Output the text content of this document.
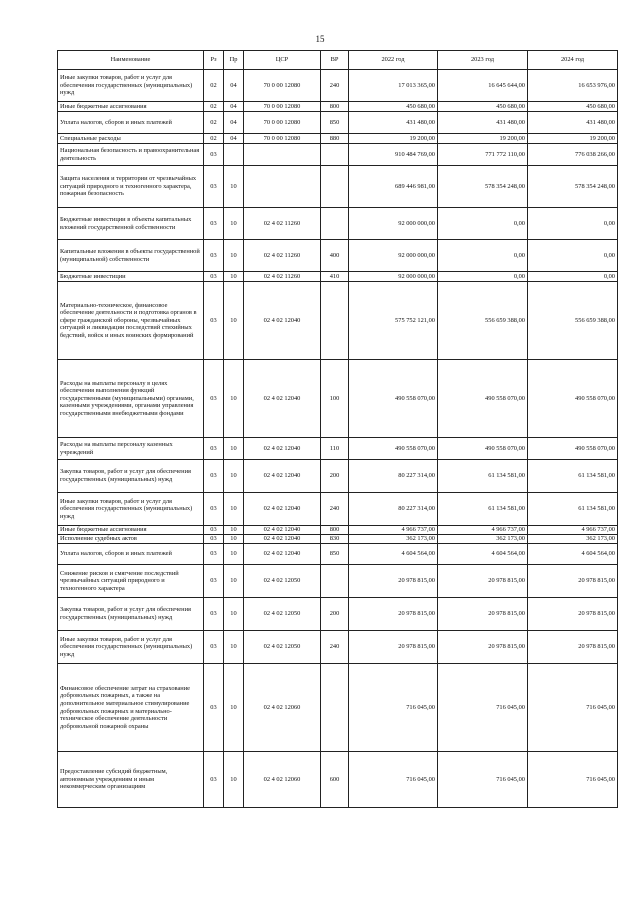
15
Наименование	Рз	Пр	ЦСР	ВР	2022 год	2023 год	2024 год
Иные закупки товаров, работ и услуг для обеспечения государственных (муниципальных) нужд	02	04	70 0 00 12080	240	17 013 365,00	16 645 644,00	16 653 976,00
Иные бюджетные ассигнования	02	04	70 0 00 12080	800	450 680,00	450 680,00	450 680,00
Уплата налогов, сборов и иных платежей	02	04	70 0 00 12080	850	431 480,00	431 480,00	431 480,00
Специальные расходы	02	04	70 0 00 12080	880	19 200,00	19 200,00	19 200,00
Национальная безопасность и правоохранительная деятельность	03				910 484 769,00	771 772 110,00	776 038 266,00
Защита населения и территории от чрезвычайных ситуаций природного и техногенного характера, пожарная безопасность	03	10			689 446 981,00	578 354 248,00	578 354 248,00
Бюджетные инвестиции в объекты капитальных вложений государственной собственности	03	10	02 4 02 11260		92 000 000,00	0,00	0,00
Капитальные вложения в объекты государственной (муниципальной) собственности	03	10	02 4 02 11260	400	92 000 000,00	0,00	0,00
Бюджетные инвестиции	03	10	02 4 02 11260	410	92 000 000,00	0,00	0,00
Материально-техническое, финансовое обеспечение деятельности и подготовка органов в сфере гражданской обороны, чрезвычайных ситуаций и ликвидации последствий стихийных бедствий, войск и иных воинских формирований	03	10	02 4 02 12040		575 752 121,00	556 659 388,00	556 659 388,00
Расходы на выплаты персоналу в целях обеспечения выполнения функций государственными (муниципальными) органами, казенными учреждениями, органами управления государственными внебюджетными фондами	03	10	02 4 02 12040	100	490 558 070,00	490 558 070,00	490 558 070,00
Расходы на выплаты персоналу казенных учреждений	03	10	02 4 02 12040	110	490 558 070,00	490 558 070,00	490 558 070,00
Закупка товаров, работ и услуг для обеспечения государственных (муниципальных) нужд	03	10	02 4 02 12040	200	80 227 314,00	61 134 581,00	61 134 581,00
Иные закупки товаров, работ и услуг для обеспечения государственных (муниципальных) нужд	03	10	02 4 02 12040	240	80 227 314,00	61 134 581,00	61 134 581,00
Иные бюджетные ассигнования	03	10	02 4 02 12040	800	4 966 737,00	4 966 737,00	4 966 737,00
Исполнение судебных актов	03	10	02 4 02 12040	830	362 173,00	362 173,00	362 173,00
Уплата налогов, сборов и иных платежей	03	10	02 4 02 12040	850	4 604 564,00	4 604 564,00	4 604 564,00
Снижение рисков и смягчение последствий чрезвычайных ситуаций природного и техногенного характера	03	10	02 4 02 12050		20 978 815,00	20 978 815,00	20 978 815,00
Закупка товаров, работ и услуг для обеспечения государственных (муниципальных) нужд	03	10	02 4 02 12050	200	20 978 815,00	20 978 815,00	20 978 815,00
Иные закупки товаров, работ и услуг для обеспечения государственных (муниципальных) нужд	03	10	02 4 02 12050	240	20 978 815,00	20 978 815,00	20 978 815,00
Финансовое обеспечение затрат на страхование добровольных пожарных, а также на дополнительное материальное стимулирование добровольных пожарных и материально-техническое обеспечение деятельности добровольной пожарной охраны	03	10	02 4 02 12060		716 045,00	716 045,00	716 045,00
Предоставление субсидий бюджетным, автономным учреждениям и иным некоммерческим организациям	03	10	02 4 02 12060	600	716 045,00	716 045,00	716 045,00
